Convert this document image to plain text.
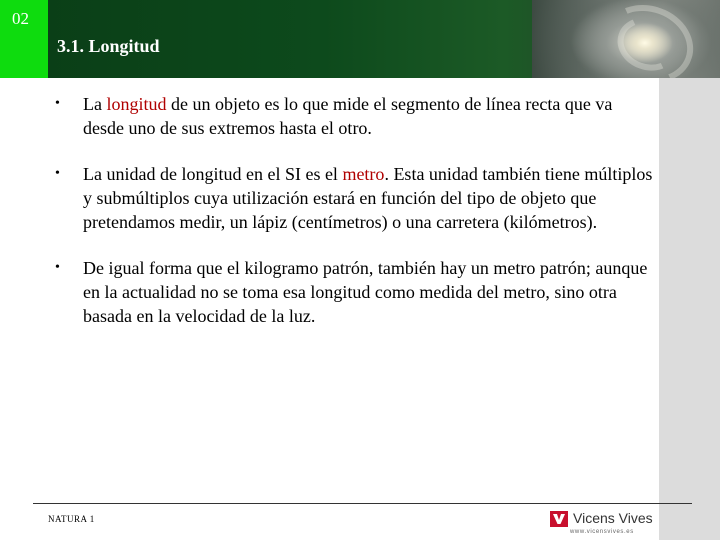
02
3.1. Longitud
• La longitud de un objeto es lo que mide el segmento de línea recta que va desde uno de sus extremos hasta el otro.
• La unidad de longitud en el SI es el metro. Esta unidad también tiene múltiplos y submúltiplos cuya utilización estará en función del tipo de objeto que pretendamos medir, un lápiz (centímetros) o una carretera (kilómetros).
• De igual forma que el kilogramo patrón, también hay un metro patrón; aunque en la actualidad no se toma esa longitud como medida del metro, sino otra basada en la velocidad de la luz.
NATURA 1	Vicens Vives
www.vicensvives.es
